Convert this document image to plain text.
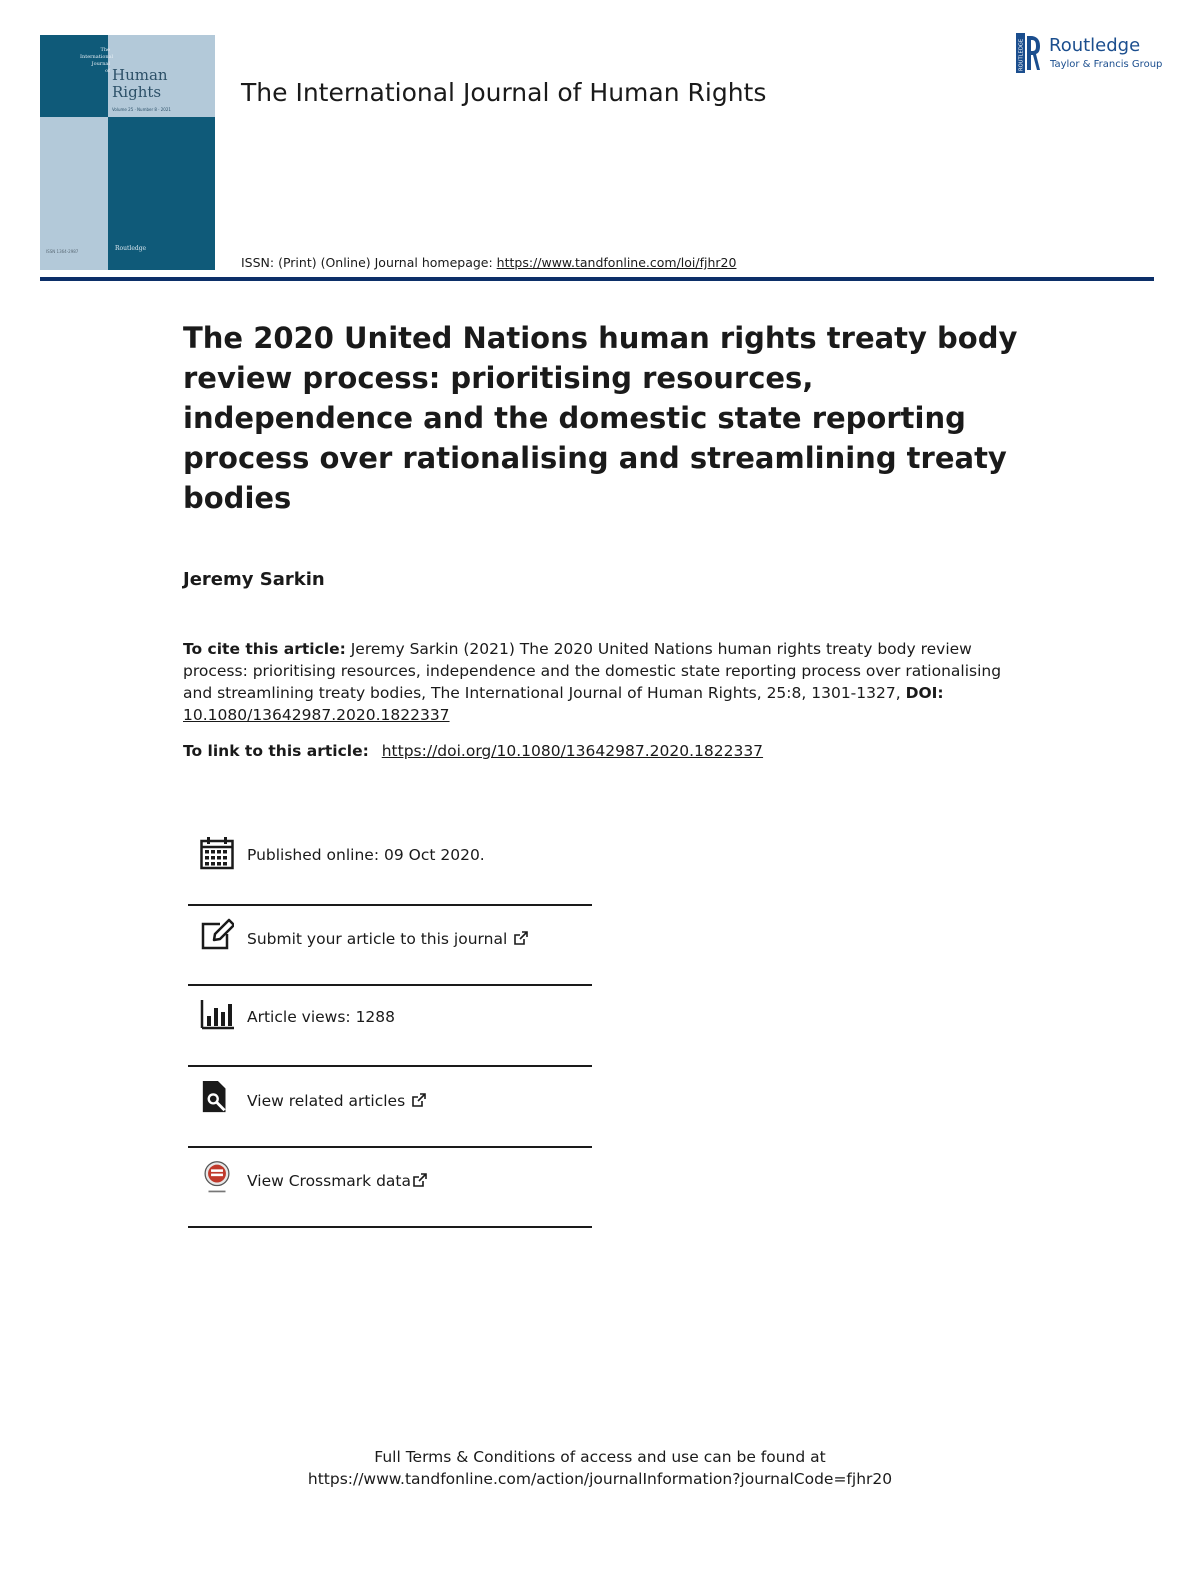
The
International
Journal
of Human
Rights
Volume 25 · Number 8 · 2021
ISSN 1364-2987	Routledge
The International Journal of Human Rights
ISSN: (Print) (Online) Journal homepage: https://www.tandfonline.com/loi/fjhr20
ROUTLEDGE Routledge
Taylor & Francis Group
The 2020 United Nations human rights treaty body review process: prioritising resources, independence and the domestic state reporting process over rationalising and streamlining treaty bodies
Jeremy Sarkin
To cite this article: Jeremy Sarkin (2021) The 2020 United Nations human rights treaty body review process: prioritising resources, independence and the domestic state reporting process over rationalising and streamlining treaty bodies, The International Journal of Human Rights, 25:8, 1301-1327, DOI: 10.1080/13642987.2020.1822337
To link to this article: https://doi.org/10.1080/13642987.2020.1822337
Published online: 09 Oct 2020.
Submit your article to this journal
Article views: 1288
View related articles
View Crossmark data
Full Terms & Conditions of access and use can be found at
https://www.tandfonline.com/action/journalInformation?journalCode=fjhr20
